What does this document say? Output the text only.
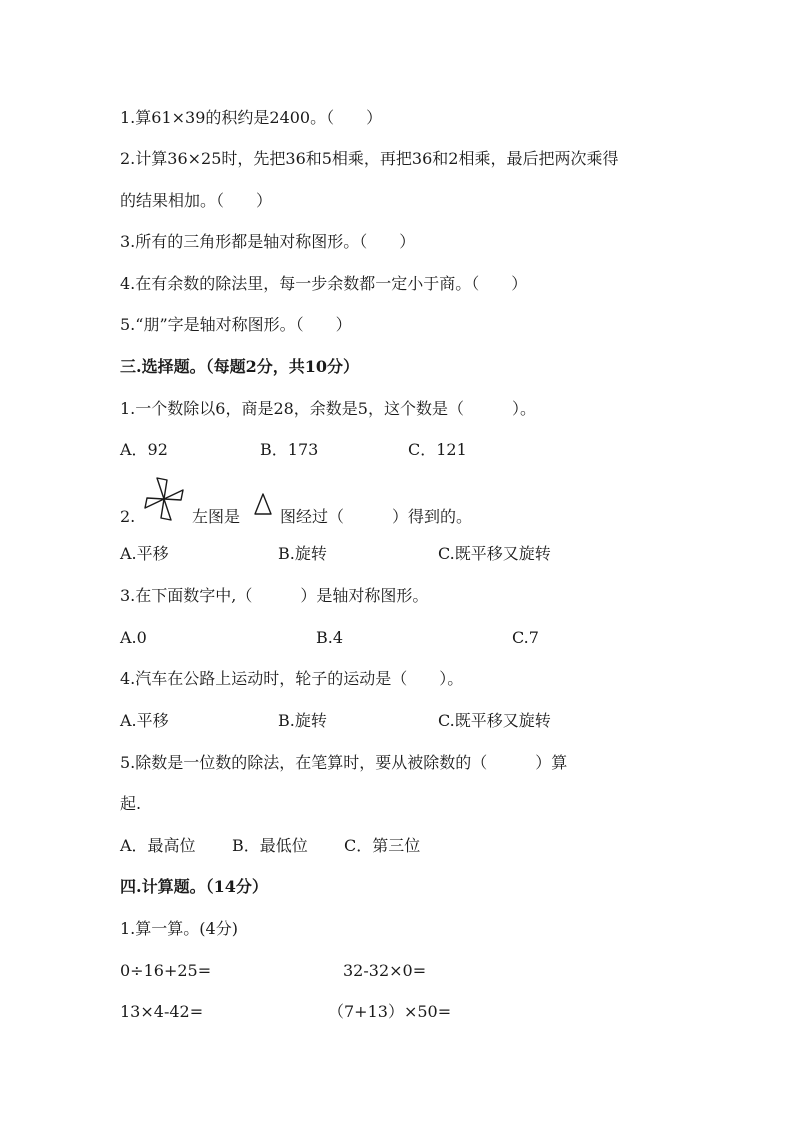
1.算61×39的积约是2400。（　　）
2.计算36×25时，先把36和5相乘，再把36和2相乘，最后把两次乘得
的结果相加。（　　）
3.所有的三角形都是轴对称图形。（　　）
4.在有余数的除法里，每一步余数都一定小于商。（　　）
5.“朋”字是轴对称图形。（　　）
三.选择题。（每题2分，共10分）
1.一个数除以6，商是28，余数是5，这个数是（　　　）。
A．92	B．173	C．121
2.	左图是 图经过（　　　）得到的。
A.平移	B.旋转	C.既平移又旋转
3.在下面数字中,（　　　）是轴对称图形。
A.0	B.4	C.7
4.汽车在公路上运动时，轮子的运动是（　　）。
A.平移	B.旋转	C.既平移又旋转
5.除数是一位数的除法，在笔算时，要从被除数的（　　　）算
起.
A．最高位 B．最低位 C．第三位
四.计算题。（14分）
1.算一算。(4分)
0÷16+25=	32-32×0=
13×4-42=	（7+13）×50=
